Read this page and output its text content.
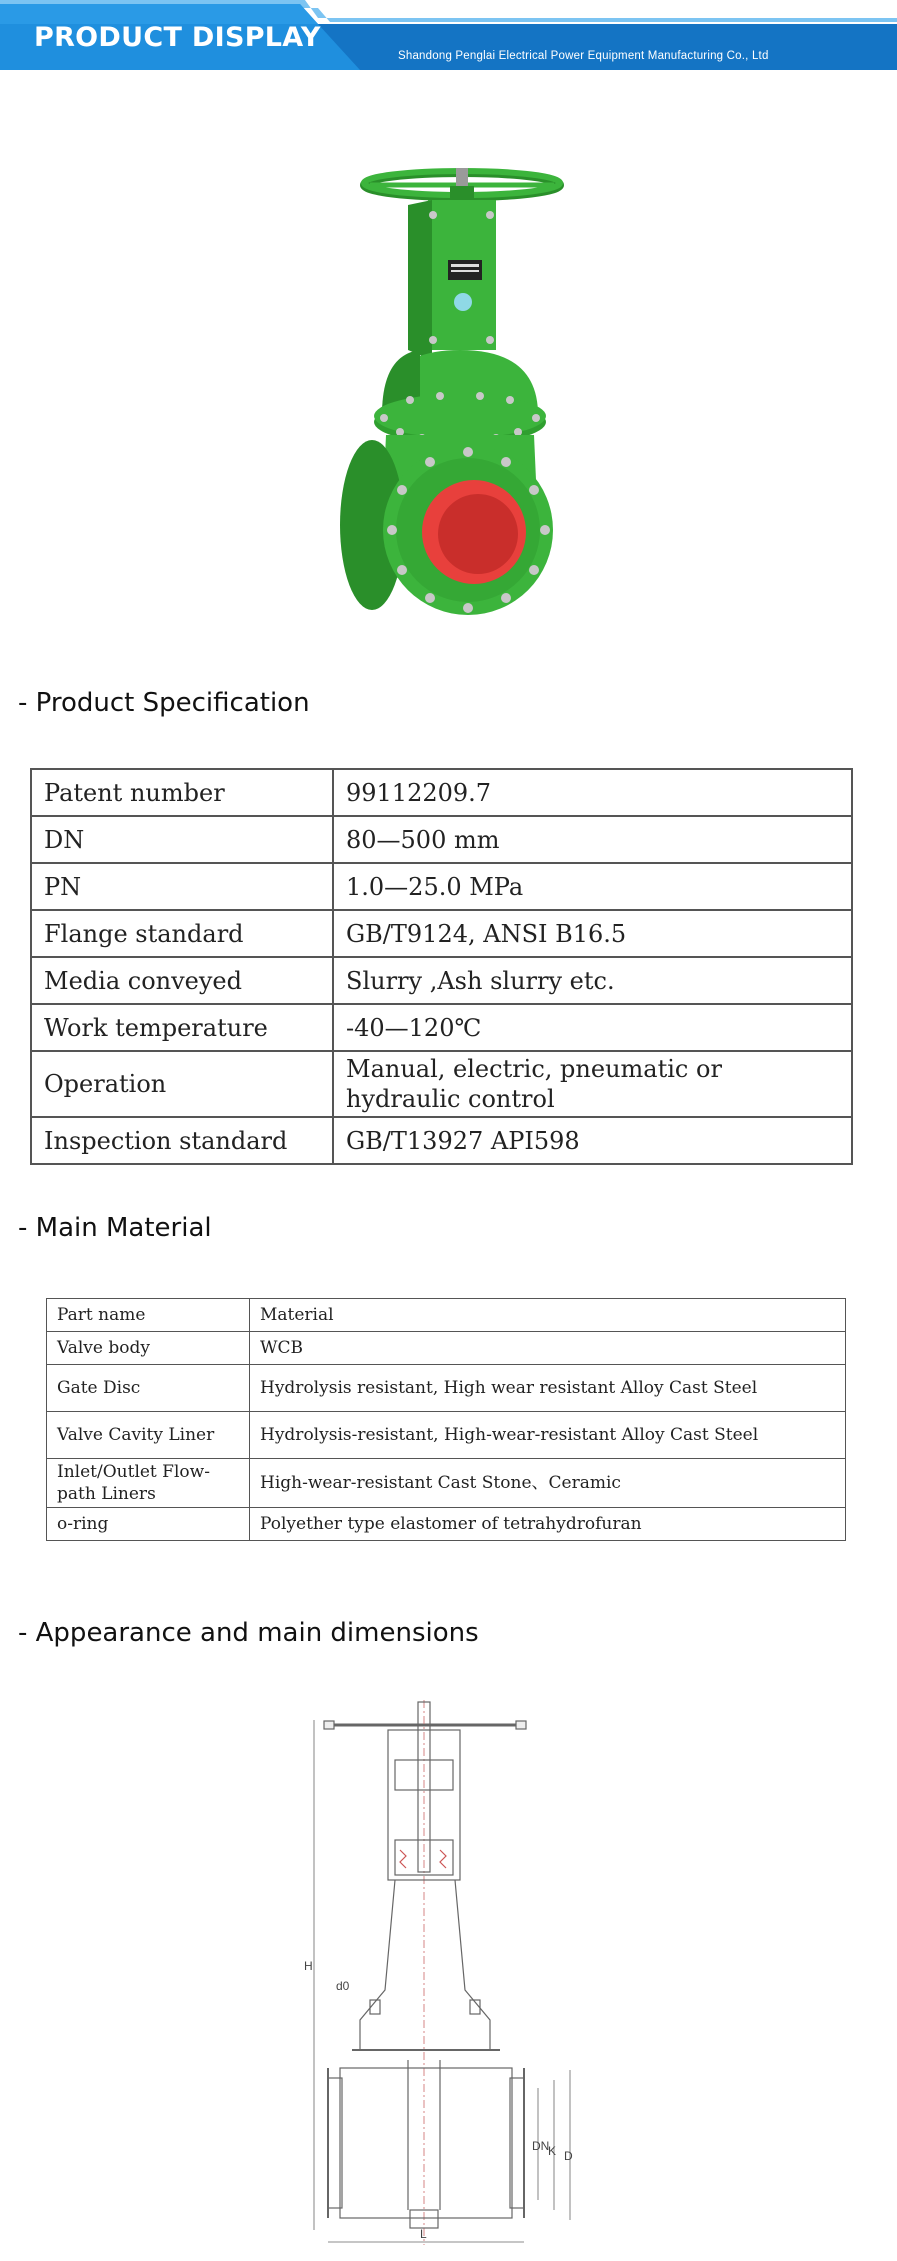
PRODUCT DISPLAY
Shandong Penglai Electrical Power Equipment Manufacturing Co., Ltd
- Product Specification
Patent number	99112209.7
DN	80—500 mm
PN	1.0—25.0 MPa
Flange standard	GB/T9124, ANSI B16.5
Media conveyed	Slurry ,Ash slurry etc.
Work temperature	-40—120℃
Operation	Manual, electric, pneumatic or hydraulic control
Inspection standard	GB/T13927 API598
- Main Material
Part name	Material
Valve body	WCB
Gate Disc	Hydrolysis resistant, High wear resistant Alloy Cast Steel
Valve Cavity Liner	Hydrolysis-resistant, High-wear-resistant Alloy Cast Steel
Inlet/Outlet Flow-path Liners	High-wear-resistant Cast Stone、Ceramic
o-ring	Polyether type elastomer of tetrahydrofuran
- Appearance and main dimensions
H
d0
DN
K D
L
